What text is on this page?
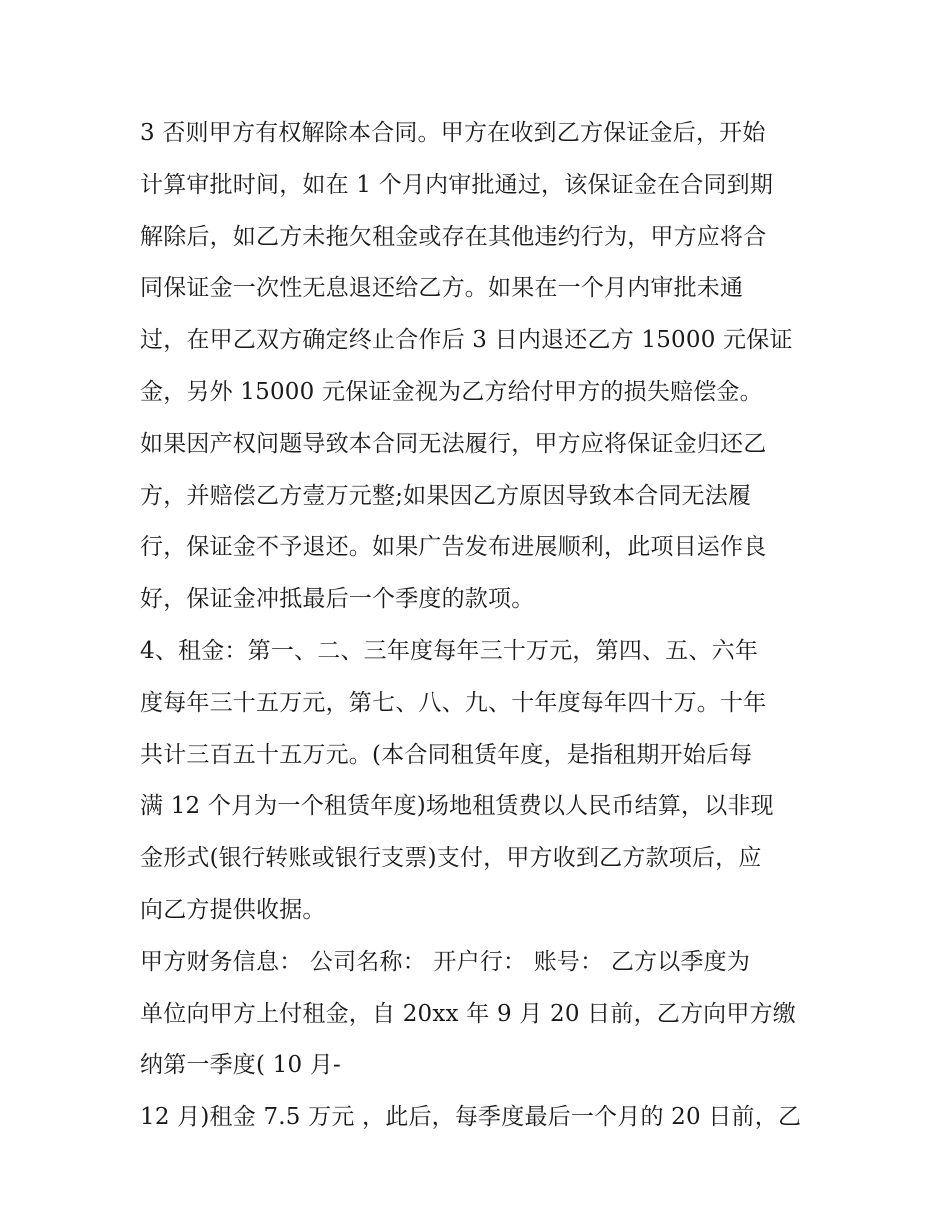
3 否则甲方有权解除本合同。甲方在收到乙方保证金后，开始
计算审批时间，如在 1 个月内审批通过，该保证金在合同到期
解除后，如乙方未拖欠租金或存在其他违约行为，甲方应将合
同保证金一次性无息退还给乙方。如果在一个月内审批未通
过，在甲乙双方确定终止合作后 3 日内退还乙方 15000 元保证
金，另外 15000 元保证金视为乙方给付甲方的损失赔偿金。
如果因产权问题导致本合同无法履行，甲方应将保证金归还乙
方，并赔偿乙方壹万元整;如果因乙方原因导致本合同无法履
行，保证金不予退还。如果广告发布进展顺利，此项目运作良
好，保证金冲抵最后一个季度的款项。
4、租金：第一、二、三年度每年三十万元，第四、五、六年
度每年三十五万元，第七、八、九、十年度每年四十万。十年
共计三百五十五万元。(本合同租赁年度，是指租期开始后每
满 12 个月为一个租赁年度)场地租赁费以人民币结算，以非现
金形式(银行转账或银行支票)支付，甲方收到乙方款项后，应
向乙方提供收据。
甲方财务信息： 公司名称： 开户行： 账号： 乙方以季度为
单位向甲方上付租金，自 20xx 年 9 月 20 日前，乙方向甲方缴
纳第一季度( 10 月-
12 月)租金 7.5 万元 ，此后，每季度最后一个月的 20 日前，乙
